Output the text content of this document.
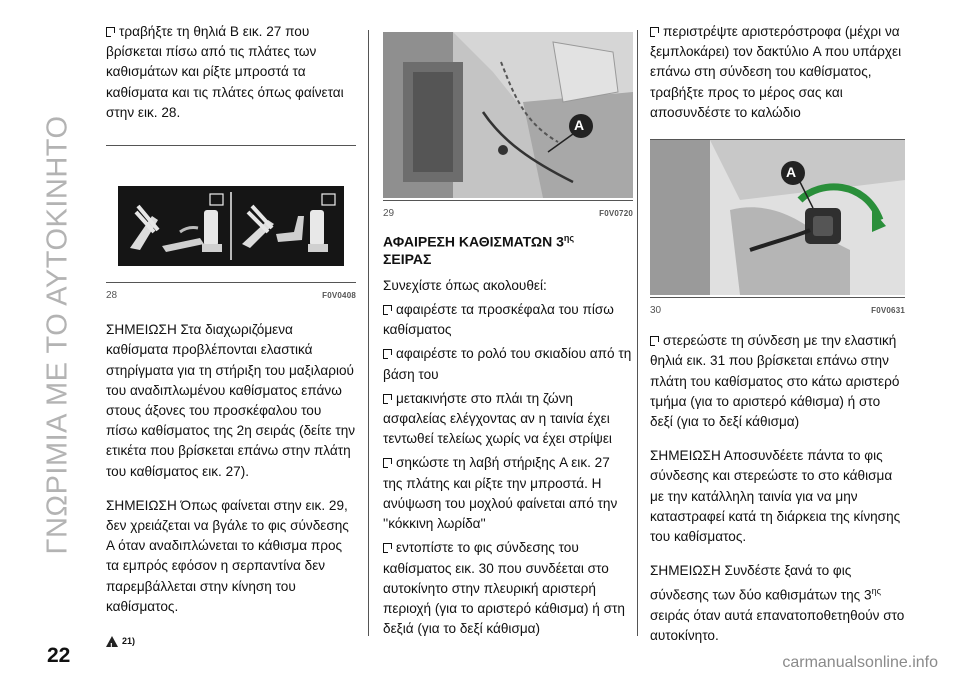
ΓΝΩΡΙΜΙΑ ΜΕ ΤΟ ΑΥΤΟΚΙΝΗΤΟ

τραβήξτε τη θηλιά B εικ. 27 που βρίσκεται πίσω από τις πλάτες των καθισμάτων και ρίξτε μπροστά τα καθίσματα και τις πλάτες όπως φαίνεται στην εικ. 28.

28	F0V0408

ΣΗΜΕΙΩΣΗ Στα διαχωριζόμενα καθίσματα προβλέπονται ελαστικά στηρίγματα για τη στήριξη του μαξιλαριού του αναδιπλωμένου καθίσματος επάνω στους άξονες του προσκέφαλου του πίσω καθίσματος της 2η σειράς (δείτε την ετικέτα που βρίσκεται επάνω στην πλάτη του καθίσματος εικ. 27).

ΣΗΜΕΙΩΣΗ Όπως φαίνεται στην εικ. 29, δεν χρειάζεται να βγάλε το φις σύνδεσης A όταν αναδιπλώνεται το κάθισμα προς τα εμπρός εφόσον η σερπαντίνα δεν παρεμβάλλεται στην κίνηση του καθίσματος.

!
21)
A
29	F0V0720
ΑΦΑΙΡΕΣΗ ΚΑΘΙΣΜΑΤΩΝ $3^{\eta\varsigma}$
ΣΕΙΡΑΣ

Συνεχίστε όπως ακολουθεί:

αφαιρέστε τα προσκέφαλα του πίσω καθίσματος

αφαιρέστε το ρολό του σκιαδίου από τη βάση του

μετακινήστε στο πλάι τη ζώνη ασφαλείας ελέγχοντας αν η ταινία έχει τεντωθεί τελείως χωρίς να έχει στρίψει

σηκώστε τη λαβή στήριξης A εικ. 27 της πλάτης και ρίξτε την μπροστά. Η ανύψωση του μοχλού φαίνεται από την ''κόκκινη λωρίδα''

εντοπίστε το φις σύνδεσης του καθίσματος εικ. 30 που συνδέεται στο αυτοκίνητο στην πλευρική αριστερή περιοχή (για το αριστερό κάθισμα) ή στη δεξιά (για το δεξί κάθισμα)

περιστρέψτε αριστερόστροφα (μέχρι να ξεμπλοκάρει) τον δακτύλιο A που υπάρχει επάνω στη σύνδεση του καθίσματος, τραβήξτε προς το μέρος σας και αποσυνδέστε το καλώδιο

A
30	F0V0631

στερεώστε τη σύνδεση με την ελαστική θηλιά εικ. 31 που βρίσκεται επάνω στην πλάτη του καθίσματος στο κάτω αριστερό τμήμα (για το αριστερό κάθισμα) ή στο δεξί (για το δεξί κάθισμα)

ΣΗΜΕΙΩΣΗ Αποσυνδέετε πάντα το φις σύνδεσης και στερεώστε το στο κάθισμα με την κατάλληλη ταινία για να μην καταστραφεί κατά τη διάρκεια της κίνησης του καθίσματος.

ΣΗΜΕΙΩΣΗ Συνδέστε ξανά το φις σύνδεσης των δύο καθισμάτων της $3^{\eta\varsigma}$ σειράς όταν αυτά επανατοποθετηθούν στο αυτοκίνητο.

22	carmanualsonline.info
